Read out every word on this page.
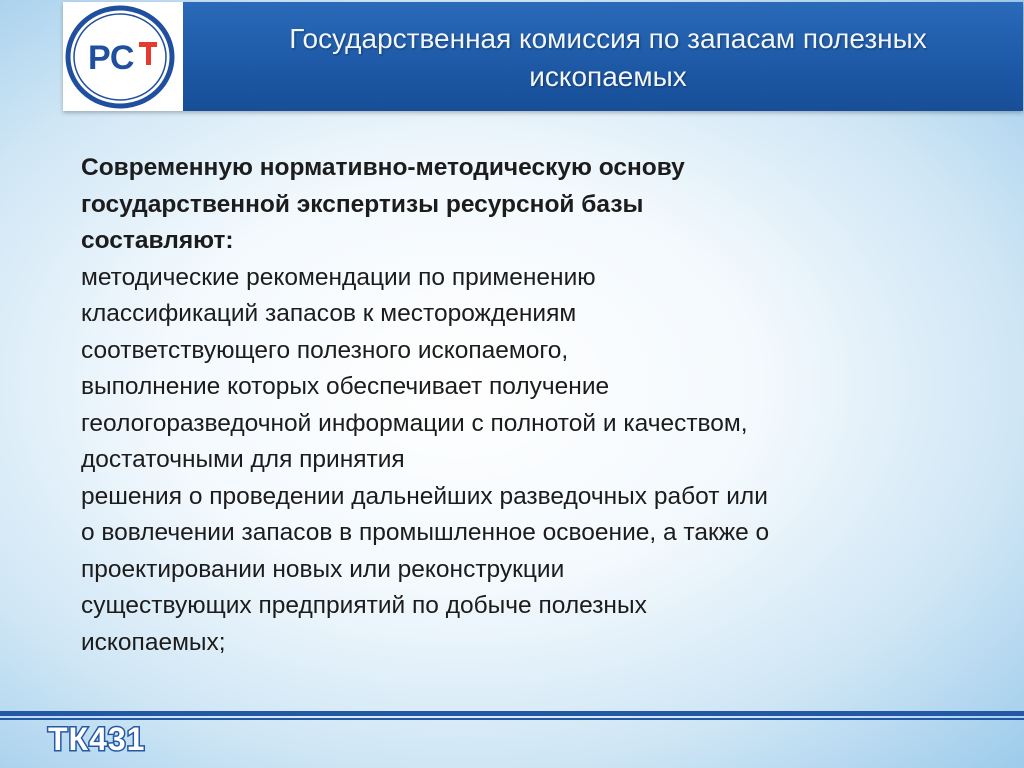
РС
Государственная комиссия по запасам полезных
ископаемых

Современную нормативно-методическую основу

государственной экспертизы ресурсной базы

составляют:

методические рекомендации по применению

классификаций запасов к месторождениям

соответствующего полезного ископаемого,

выполнение которых обеспечивает получение

геологоразведочной информации с полнотой и качеством,

достаточными для принятия

решения о проведении дальнейших разведочных работ или

о вовлечении запасов в промышленное освоение, а также о

проектировании новых или реконструкции

существующих предприятий по добыче полезных

ископаемых;

ТК431
